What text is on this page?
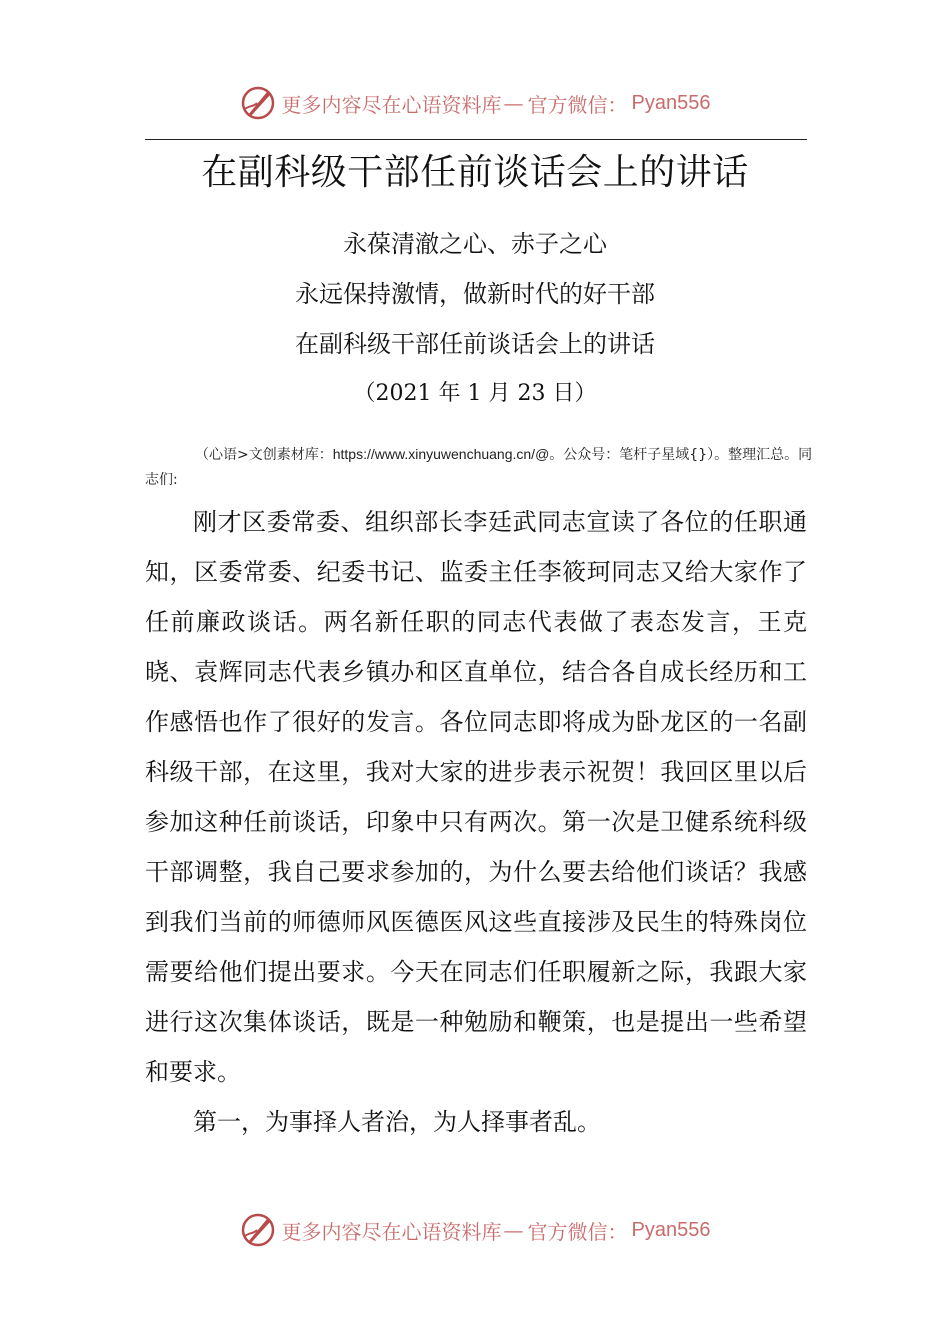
更多内容尽在心语资料库 — 官方微信： Pyan556
在副科级干部任前谈话会上的讲话
永葆清澈之心、赤子之心
永远保持激情，做新时代的好干部
在副科级干部任前谈话会上的讲话
（2021 年 1 月 23 日）
（心语>文创素材库：https://www.xinyuwenchuang.cn/@。公众号：笔杆子星域{}）。整理汇总。同志们:

刚才区委常委、组织部长李廷武同志宣读了各位的任职通知，区委常委、纪委书记、监委主任李筱珂同志又给大家作了任前廉政谈话。两名新任职的同志代表做了表态发言，王克晓、袁辉同志代表乡镇办和区直单位，结合各自成长经历和工作感悟也作了很好的发言。各位同志即将成为卧龙区的一名副科级干部，在这里，我对大家的进步表示祝贺！我回区里以后参加这种任前谈话，印象中只有两次。第一次是卫健系统科级干部调整，我自己要求参加的，为什么要去给他们谈话？我感到我们当前的师德师风医德医风这些直接涉及民生的特殊岗位需要给他们提出要求。今天在同志们任职履新之际，我跟大家进行这次集体谈话，既是一种勉励和鞭策，也是提出一些希望和要求。

第一，为事择人者治，为人择事者乱。

更多内容尽在心语资料库 — 官方微信： Pyan556
